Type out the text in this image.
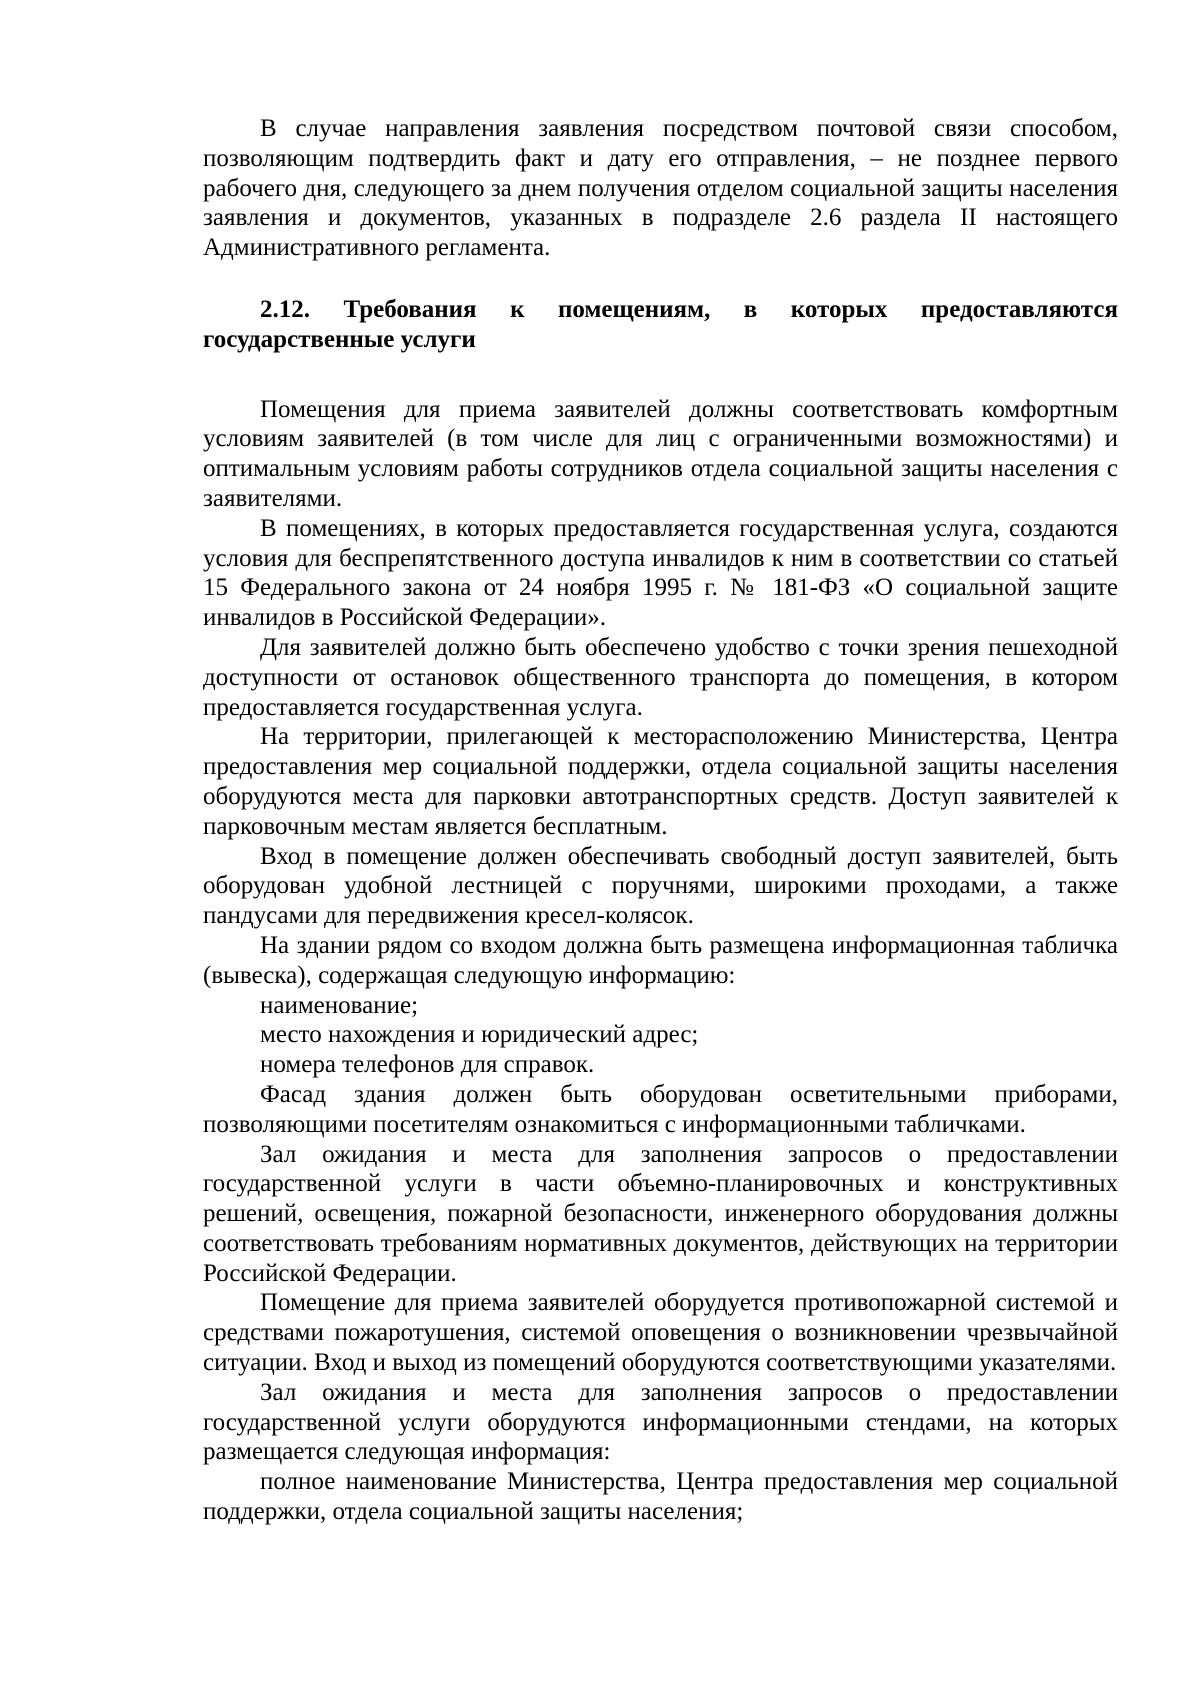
В случае направления заявления посредством почтовой связи способом, позволяющим подтвердить факт и дату его отправления, – не позднее первого рабочего дня, следующего за днем получения отделом социальной защиты населения заявления и документов, указанных в подразделе 2.6 раздела II настоящего Административного регламента.

2.12. Требования к помещениям, в которых предоставляются государственные услуги

Помещения для приема заявителей должны соответствовать комфортным условиям заявителей (в том числе для лиц с ограниченными возможностями) и оптимальным условиям работы сотрудников отдела социальной защиты населения с заявителями.

В помещениях, в которых предоставляется государственная услуга, создаются условия для беспрепятственного доступа инвалидов к ним в соответствии со статьей 15 Федерального закона от 24 ноября 1995 г. № 181-ФЗ «О социальной защите инвалидов в Российской Федерации».

Для заявителей должно быть обеспечено удобство с точки зрения пешеходной доступности от остановок общественного транспорта до помещения, в котором предоставляется государственная услуга.

На территории, прилегающей к месторасположению Министерства, Центра предоставления мер социальной поддержки, отдела социальной защиты населения оборудуются места для парковки автотранспортных средств. Доступ заявителей к парковочным местам является бесплатным.

Вход в помещение должен обеспечивать свободный доступ заявителей, быть оборудован удобной лестницей с поручнями, широкими проходами, а также пандусами для передвижения кресел-колясок.

На здании рядом со входом должна быть размещена информационная табличка (вывеска), содержащая следующую информацию:

наименование;

место нахождения и юридический адрес;

номера телефонов для справок.

Фасад здания должен быть оборудован осветительными приборами, позволяющими посетителям ознакомиться с информационными табличками.

Зал ожидания и места для заполнения запросов о предоставлении государственной услуги в части объемно-планировочных и конструктивных решений, освещения, пожарной безопасности, инженерного оборудования должны соответствовать требованиям нормативных документов, действующих на территории Российской Федерации.

Помещение для приема заявителей оборудуется противопожарной системой и средствами пожаротушения, системой оповещения о возникновении чрезвычайной ситуации. Вход и выход из помещений оборудуются соответствующими указателями.

Зал ожидания и места для заполнения запросов о предоставлении государственной услуги оборудуются информационными стендами, на которых размещается следующая информация:

полное наименование Министерства, Центра предоставления мер социальной поддержки, отдела социальной защиты населения;
